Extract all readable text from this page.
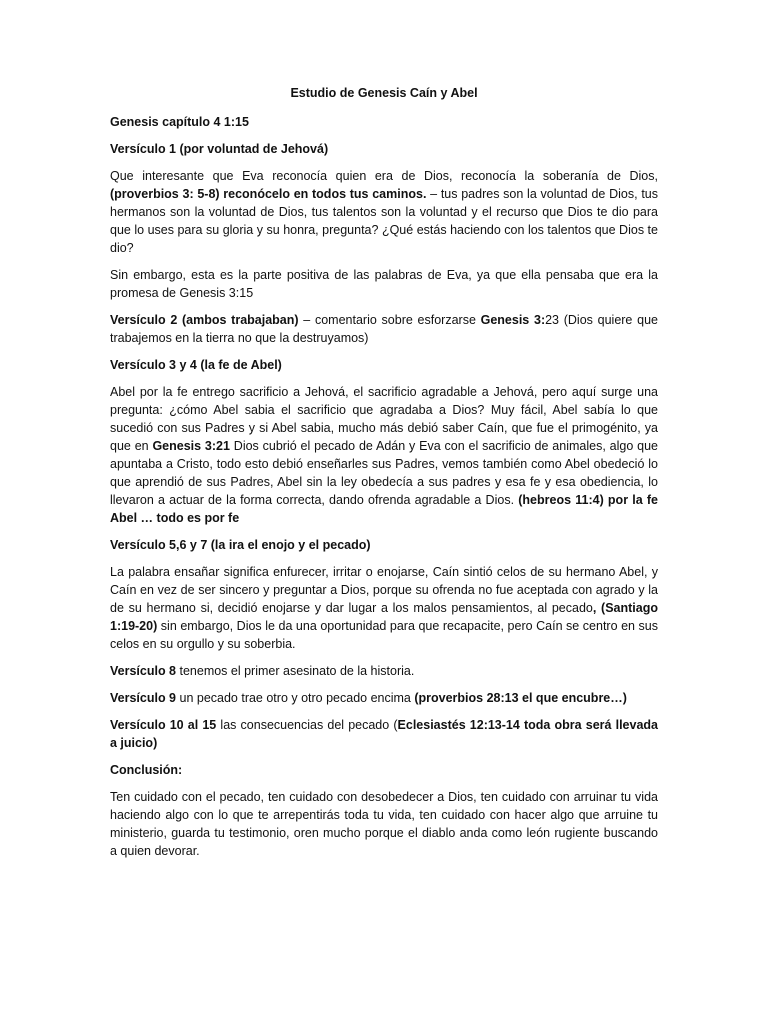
Estudio de Genesis Caín y Abel

Genesis capítulo 4 1:15

Versículo 1 (por voluntad de Jehová)

Que interesante que Eva reconocía quien era de Dios, reconocía la soberanía de Dios, (proverbios 3: 5-8) reconócelo en todos tus caminos. – tus padres son la voluntad de Dios, tus hermanos son la voluntad de Dios, tus talentos son la voluntad y el recurso que Dios te dio para que lo uses para su gloria y su honra, pregunta? ¿Qué estás haciendo con los talentos que Dios te dio?

Sin embargo, esta es la parte positiva de las palabras de Eva, ya que ella pensaba que era la promesa de Genesis 3:15

Versículo 2 (ambos trabajaban) – comentario sobre esforzarse Genesis 3:23 (Dios quiere que trabajemos en la tierra no que la destruyamos)

Versículo 3 y 4 (la fe de Abel)

Abel por la fe entrego sacrificio a Jehová, el sacrificio agradable a Jehová, pero aquí surge una pregunta: ¿cómo Abel sabia el sacrificio que agradaba a Dios? Muy fácil, Abel sabía lo que sucedió con sus Padres y si Abel sabia, mucho más debió saber Caín, que fue el primogénito, ya que en Genesis 3:21 Dios cubrió el pecado de Adán y Eva con el sacrificio de animales, algo que apuntaba a Cristo, todo esto debió enseñarles sus Padres, vemos también como Abel obedeció lo que aprendió de sus Padres, Abel sin la ley obedecía a sus padres y esa fe y esa obediencia, lo llevaron a actuar de la forma correcta, dando ofrenda agradable a Dios. (hebreos 11:4) por la fe Abel … todo es por fe

Versículo 5,6 y 7 (la ira el enojo y el pecado)

La palabra ensañar significa enfurecer, irritar o enojarse, Caín sintió celos de su hermano Abel, y Caín en vez de ser sincero y preguntar a Dios, porque su ofrenda no fue aceptada con agrado y la de su hermano si, decidió enojarse y dar lugar a los malos pensamientos, al pecado, (Santiago 1:19-20) sin embargo, Dios le da una oportunidad para que recapacite, pero Caín se centro en sus celos en su orgullo y su soberbia.

Versículo 8 tenemos el primer asesinato de la historia.

Versículo 9 un pecado trae otro y otro pecado encima (proverbios 28:13 el que encubre…)

Versículo 10 al 15 las consecuencias del pecado (Eclesiastés 12:13-14 toda obra será llevada a juicio)

Conclusión:

Ten cuidado con el pecado, ten cuidado con desobedecer a Dios, ten cuidado con arruinar tu vida haciendo algo con lo que te arrepentirás toda tu vida, ten cuidado con hacer algo que arruine tu ministerio, guarda tu testimonio, oren mucho porque el diablo anda como león rugiente buscando a quien devorar.
